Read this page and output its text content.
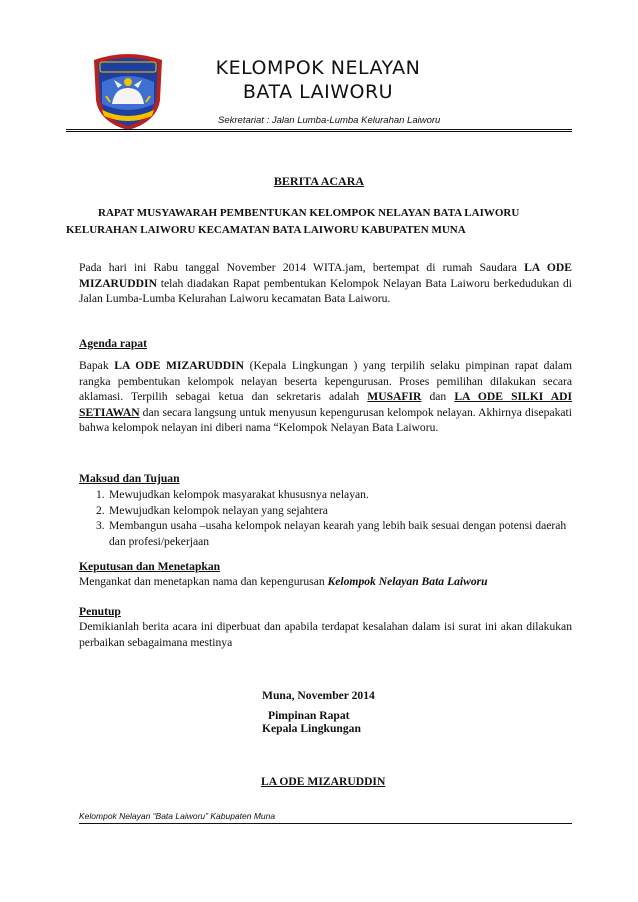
KELOMPOK NELAYAN
BATA LAIWORU
Sekretariat : Jalan Lumba-Lumba Kelurahan Laiworu
BERITA ACARA
RAPAT MUSYAWARAH PEMBENTUKAN KELOMPOK NELAYAN BATA LAIWORU
KELURAHAN LAIWORU KECAMATAN BATA LAIWORU KABUPATEN MUNA
Pada hari ini Rabu tanggal November 2014 WITA.jam, bertempat di rumah Saudara LA ODE MIZARUDDIN telah diadakan Rapat pembentukan Kelompok Nelayan Bata Laiworu berkedudukan di Jalan Lumba-Lumba Kelurahan Laiworu kecamatan Bata Laiworu.
Agenda rapat
Bapak LA ODE MIZARUDDIN (Kepala Lingkungan ) yang terpilih selaku pimpinan rapat dalam rangka pembentukan kelompok nelayan beserta kepengurusan. Proses pemilihan dilakukan secara aklamasi. Terpilih sebagai ketua dan sekretaris adalah MUSAFIR dan LA ODE SILKI ADI SETIAWAN dan secara langsung untuk menyusun kepengurusan kelompok nelayan. Akhirnya disepakati bahwa kelompok nelayan ini diberi nama “Kelompok Nelayan Bata Laiworu.
Maksud dan Tujuan
1. Mewujudkan kelompok masyarakat khususnya nelayan.
2. Mewujudkan kelompok nelayan yang sejahtera
3. Membangun usaha –usaha kelompok nelayan kearah yang lebih baik sesuai dengan potensi daerah dan profesi/pekerjaan
Keputusan dan Menetapkan
Mengankat dan menetapkan nama dan kepengurusan Kelompok Nelayan Bata Laiworu
Penutup
Demikianlah berita acara ini diperbuat dan apabila terdapat kesalahan dalam isi surat ini akan dilakukan perbaikan sebagaimana mestinya
Muna, November 2014
Pimpinan Rapat
Kepala Lingkungan
LA ODE MIZARUDDIN
Kelompok Nelayan “Bata Laiworu” Kabupaten Muna
